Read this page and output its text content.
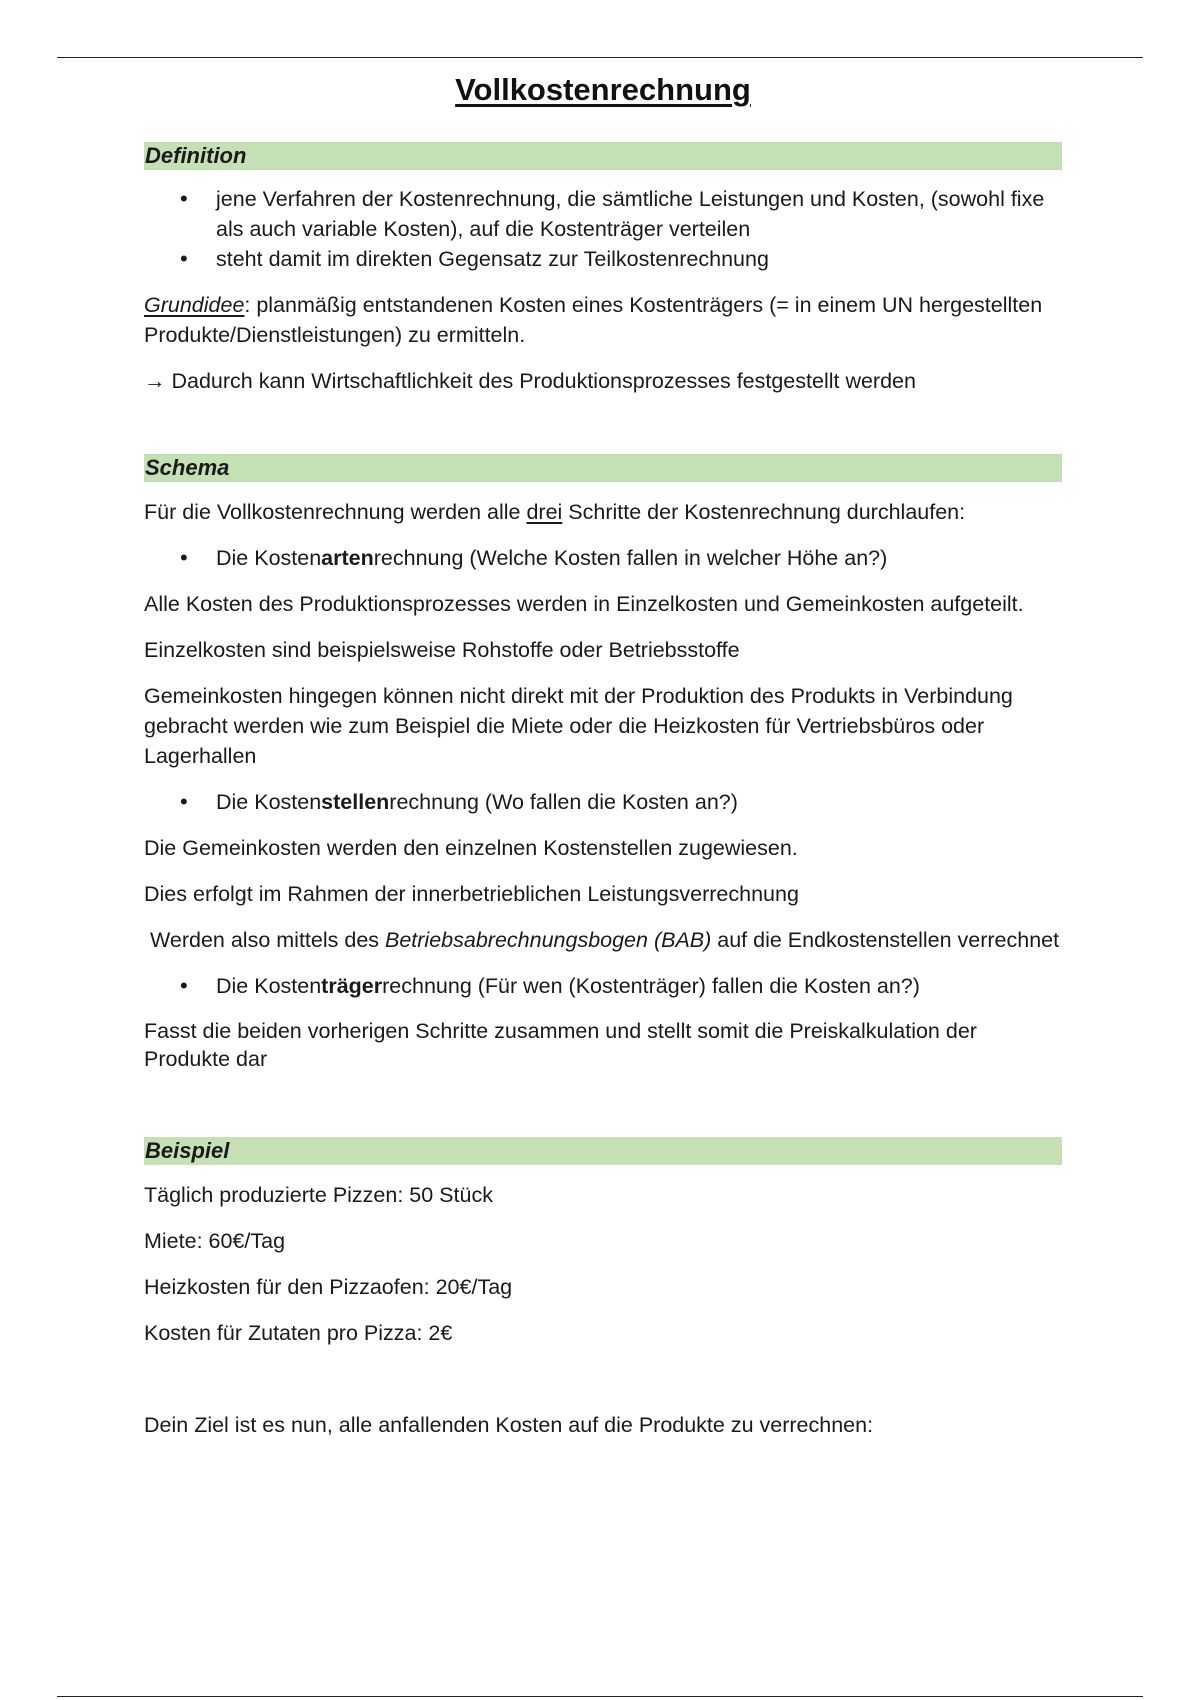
Vollkostenrechnung
Definition
• jene Verfahren der Kostenrechnung, die sämtliche Leistungen und Kosten, (sowohl fixe als auch variable Kosten), auf die Kostenträger verteilen
• steht damit im direkten Gegensatz zur Teilkostenrechnung

Grundidee: planmäßig entstandenen Kosten eines Kostenträgers (= in einem UN hergestellten Produkte/Dienstleistungen) zu ermitteln.

→ Dadurch kann Wirtschaftlichkeit des Produktionsprozesses festgestellt werden

Schema

Für die Vollkostenrechnung werden alle drei Schritte der Kostenrechnung durchlaufen:

• Die Kostenartenrechnung (Welche Kosten fallen in welcher Höhe an?)

Alle Kosten des Produktionsprozesses werden in Einzelkosten und Gemeinkosten aufgeteilt.

Einzelkosten sind beispielsweise Rohstoffe oder Betriebsstoffe

Gemeinkosten hingegen können nicht direkt mit der Produktion des Produkts in Verbindung gebracht werden wie zum Beispiel die Miete oder die Heizkosten für Vertriebsbüros oder Lagerhallen

• Die Kostenstellenrechnung (Wo fallen die Kosten an?)

Die Gemeinkosten werden den einzelnen Kostenstellen zugewiesen.

Dies erfolgt im Rahmen der innerbetrieblichen Leistungsverrechnung

Werden also mittels des Betriebsabrechnungsbogen (BAB) auf die Endkostenstellen verrechnet

• Die Kostenträgerrechnung (Für wen (Kostenträger) fallen die Kosten an?)

Fasst die beiden vorherigen Schritte zusammen und stellt somit die Preiskalkulation der Produkte dar

Beispiel

Täglich produzierte Pizzen: 50 Stück

Miete: 60€/Tag

Heizkosten für den Pizzaofen: 20€/Tag

Kosten für Zutaten pro Pizza: 2€

Dein Ziel ist es nun, alle anfallenden Kosten auf die Produkte zu verrechnen:
